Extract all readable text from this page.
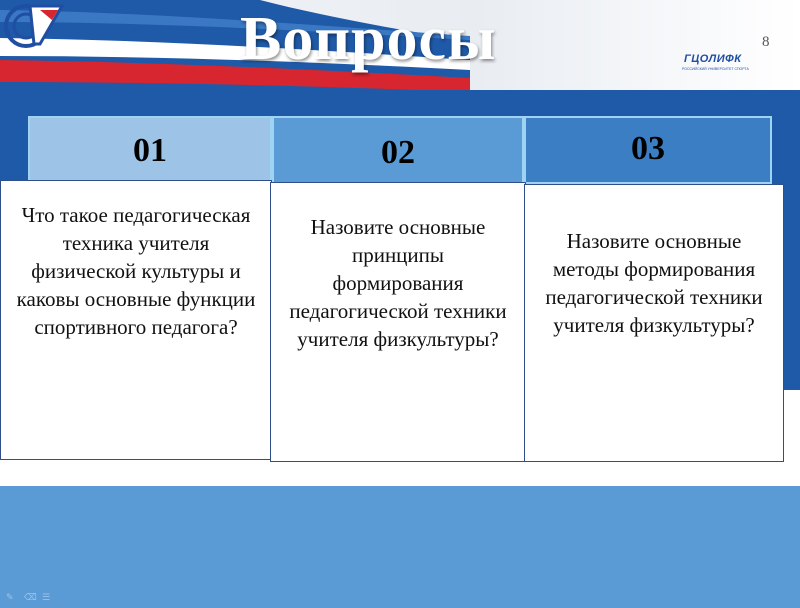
Вопросы	ГЦОЛИФК
РОССИЙСКИЙ УНИВЕРСИТЕТ СПОРТА
8
✎ ⌫ ☰
01	02	03

Что такое педагогическая техника учителя физической культуры и каковы основные функции спортивного педагога?

Назовите основные принципы формирования педагогической техники учителя физкультуры?

Назовите основные методы формирования педагогической техники учителя физкультуры?
